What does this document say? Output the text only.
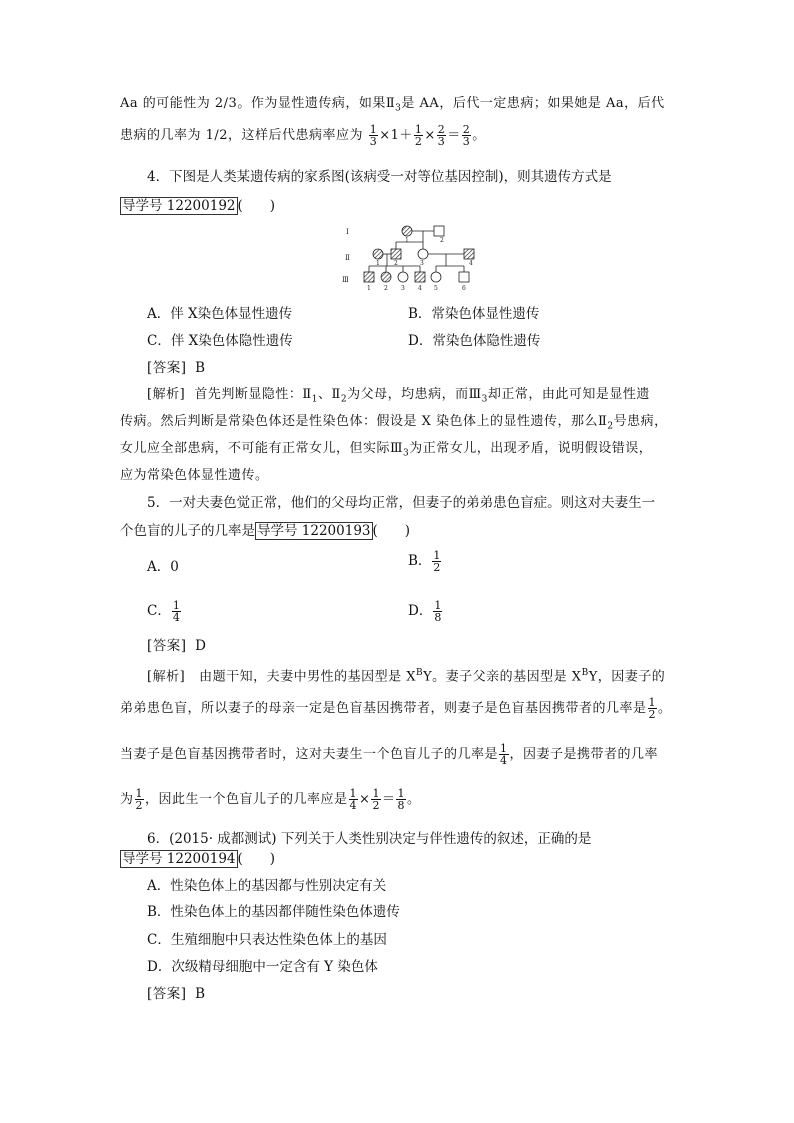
Aa 的可能性为 2/3。作为显性遗传病，如果$Ⅱ_3$是 AA，后代一定患病；如果她是 Aa，后代
患病的几率为 1/2，这样后代患病率应为 $\frac{1}{3} \times 1+ \frac{1}{2} \times \frac{2}{3} = \frac{2}{3}$ 。
4．下图是人类某遗传病的家系图(该病受一对等位基因控制)，则其遗传方式是
导学号 12200192 (　　)
Ⅰ
Ⅱ
Ⅲ
1	2
1 2	3	4
1 2 3 4 5	6
A．伴 X染色体显性遗传	B．常染色体显性遗传
C．伴 X染色体隐性遗传	D．常染色体隐性遗传
[答案] B
[解析] 首先判断显隐性：$Ⅱ_1$、$Ⅱ_2$为父母，均患病，而$Ⅲ_3$却正常，由此可知是显性遗
传病。然后判断是常染色体还是性染色体：假设是 X 染色体上的显性遗传，那么$Ⅱ_2$号患病，
女儿应全部患病，不可能有正常女儿，但实际$Ⅲ_3$为正常女儿，出现矛盾，说明假设错误，
应为常染色体显性遗传。
5．一对夫妻色觉正常，他们的父母均正常，但妻子的弟弟患色盲症。则这对夫妻生一
个色盲的儿子的几率是 导学号 12200193 (　　)
A．0	B． $\frac{1}{2}$
C． $\frac{1}{4}$	D． $\frac{1}{8}$
[答案] D
[解析] 由题干知，夫妻中男性的基因型是 $X^BY$。妻子父亲的基因型是 $X^BY$，因妻子的
弟弟患色盲，所以妻子的母亲一定是色盲基因携带者，则妻子是色盲基因携带者的几率是 $\frac{1}{2}$ 。
当妻子是色盲基因携带者时，这对夫妻生一个色盲儿子的几率是 $\frac{1}{4}$ ，因妻子是携带者的几率
为 $\frac{1}{2}$ ，因此生一个色盲儿子的几率应是 $\frac{1}{4} \times \frac{1}{2} = \frac{1}{8}$ 。
6．(2015· 成都测试) 下列关于人类性别决定与伴性遗传的叙述，正确的是
导学号 12200194 (　　)
A．性染色体上的基因都与性别决定有关
B．性染色体上的基因都伴随性染色体遗传
C．生殖细胞中只表达性染色体上的基因
D．次级精母细胞中一定含有 Y 染色体
[答案] B
